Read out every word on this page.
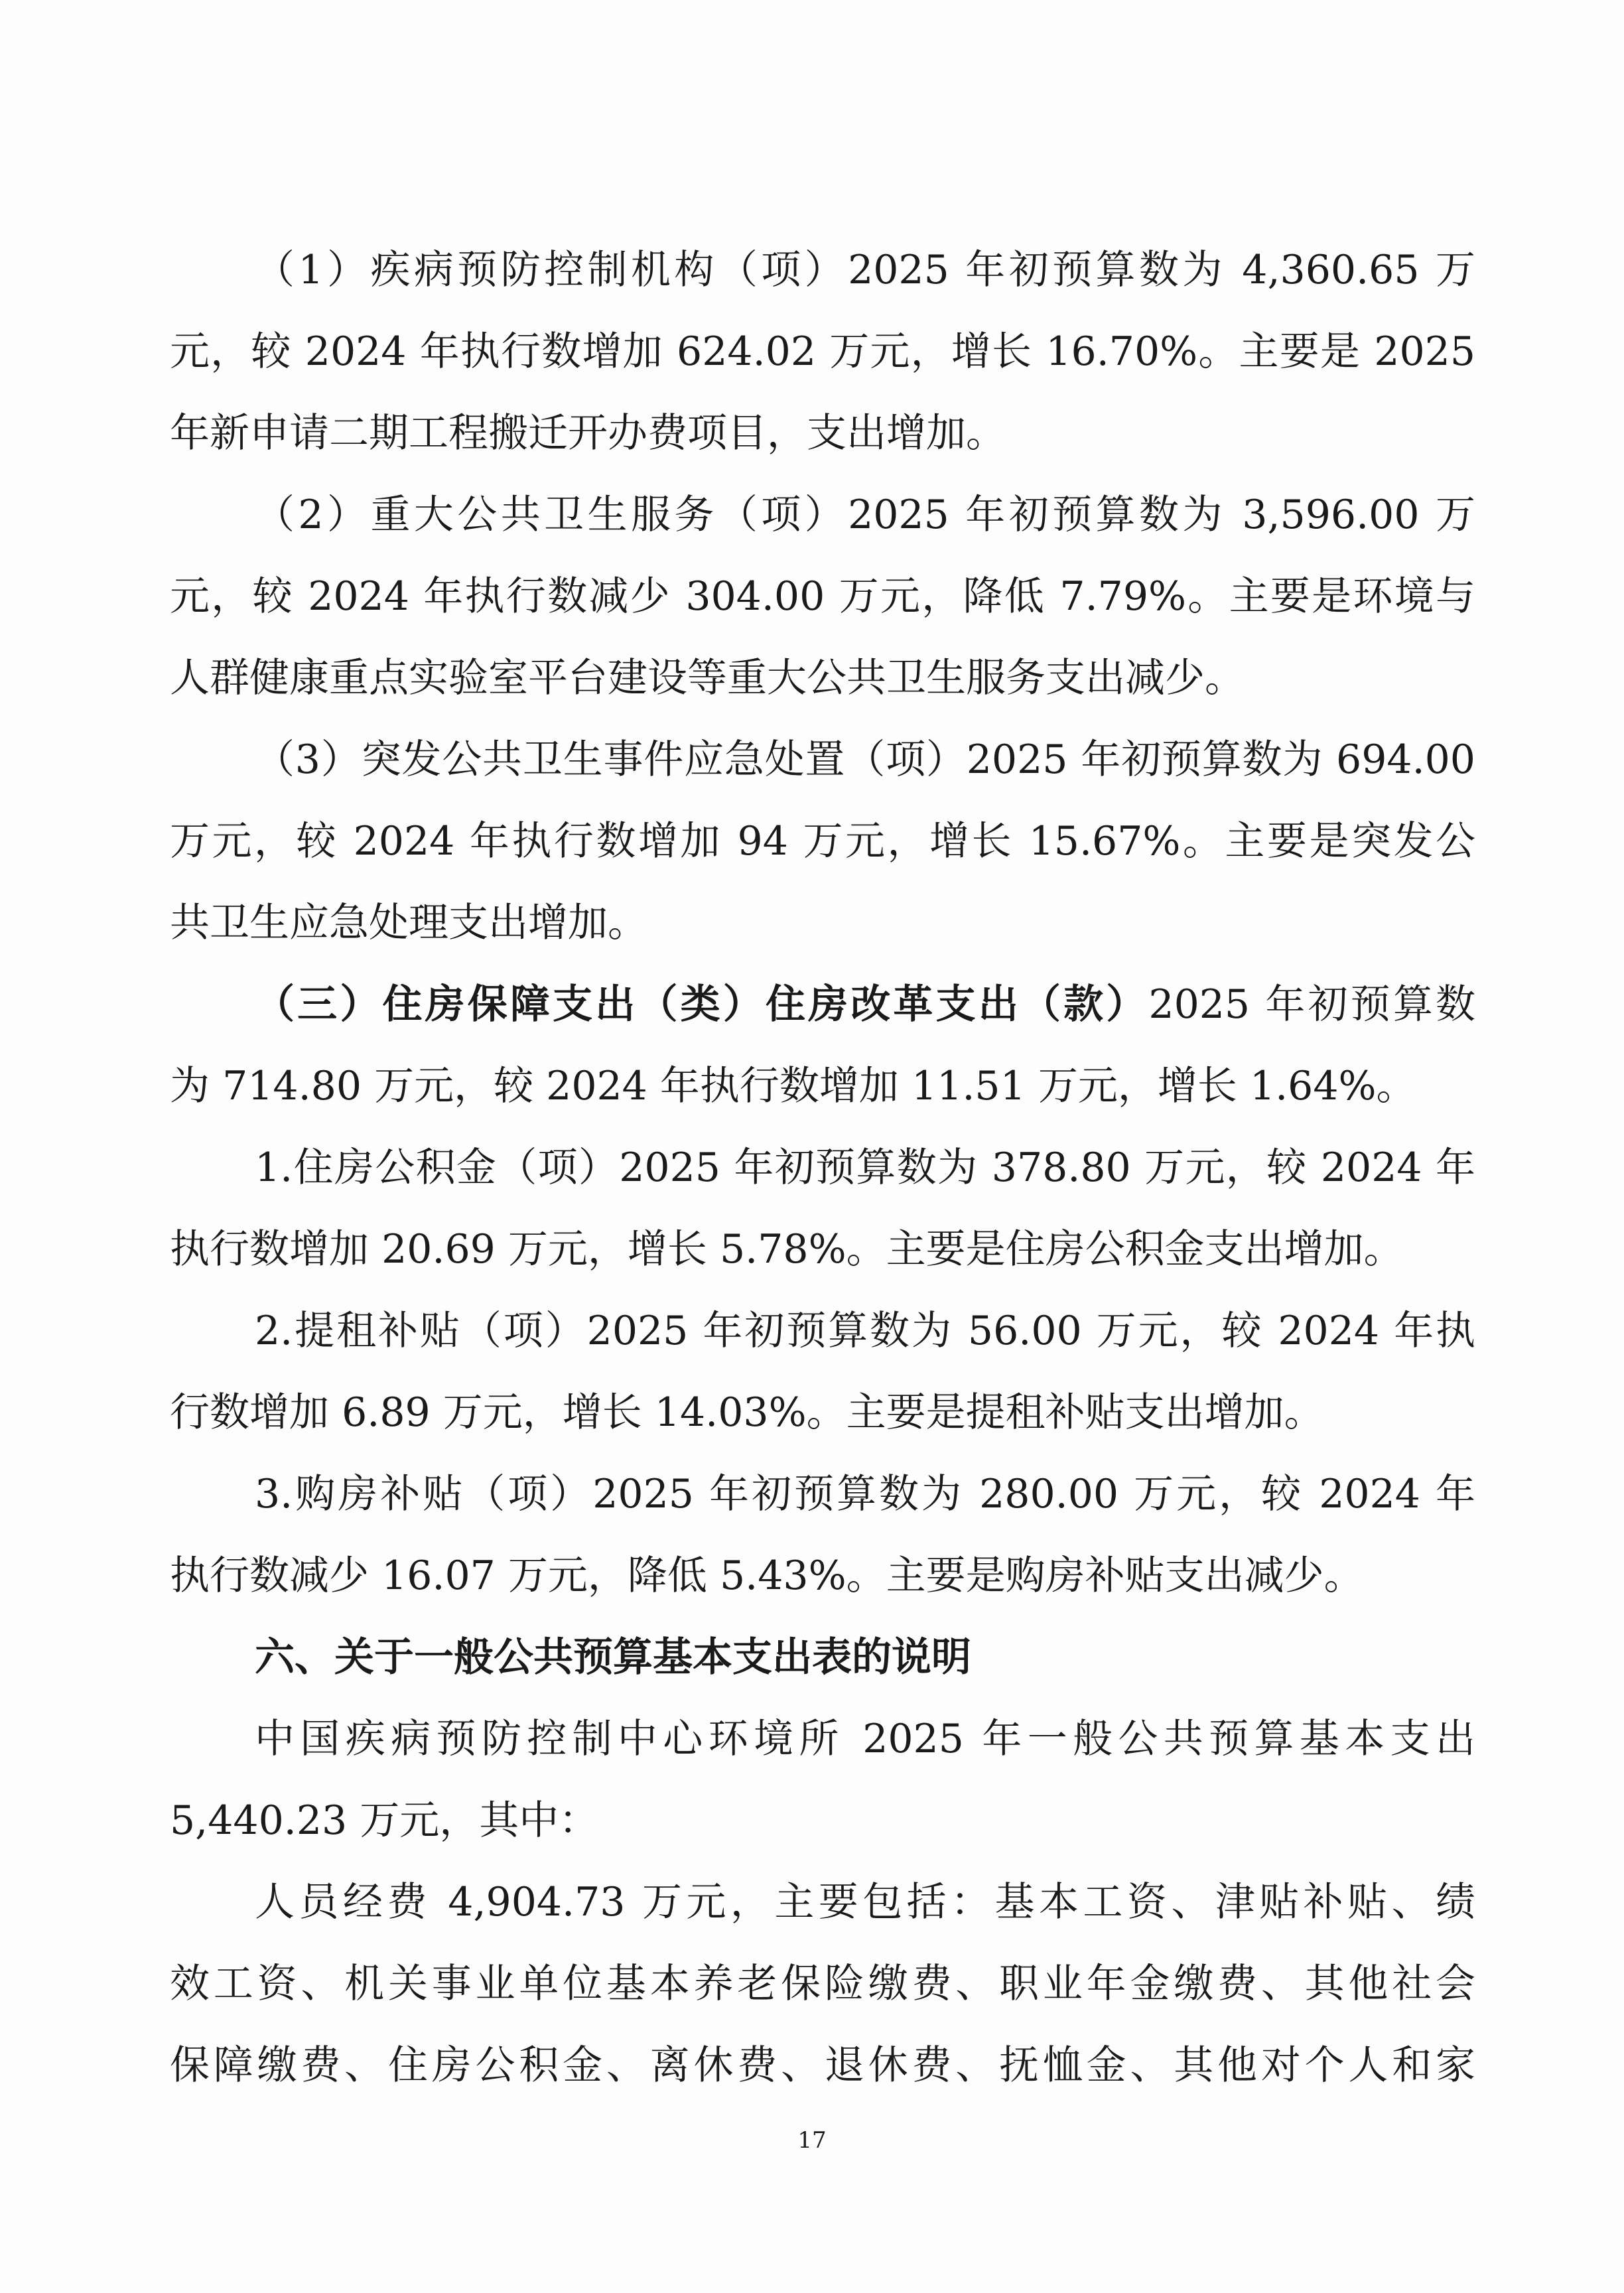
（1）疾病预防控制机构（项）2025 年初预算数为 4,360.65 万
元，较 2024 年执行数增加 624.02 万元，增长 16.70%。主要是 2025
年新申请二期工程搬迁开办费项目，支出增加。
（2）重大公共卫生服务（项）2025 年初预算数为 3,596.00 万
元，较 2024 年执行数减少 304.00 万元，降低 7.79%。主要是环境与
人群健康重点实验室平台建设等重大公共卫生服务支出减少。
（3）突发公共卫生事件应急处置（项）2025 年初预算数为 694.00
万元，较 2024 年执行数增加 94 万元，增长 15.67%。主要是突发公
共卫生应急处理支出增加。
（三）住房保障支出（类）住房改革支出（款）2025 年初预算数
为 714.80 万元，较 2024 年执行数增加 11.51 万元，增长 1.64%。
1.住房公积金（项）2025 年初预算数为 378.80 万元，较 2024 年
执行数增加 20.69 万元，增长 5.78%。主要是住房公积金支出增加。
2.提租补贴（项）2025 年初预算数为 56.00 万元，较 2024 年执
行数增加 6.89 万元，增长 14.03%。主要是提租补贴支出增加。
3.购房补贴（项）2025 年初预算数为 280.00 万元，较 2024 年
执行数减少 16.07 万元，降低 5.43%。主要是购房补贴支出减少。
六、关于一般公共预算基本支出表的说明
中国疾病预防控制中心环境所 2025 年一般公共预算基本支出
5,440.23 万元，其中：
人员经费 4,904.73 万元，主要包括：基本工资、津贴补贴、绩
效工资、机关事业单位基本养老保险缴费、职业年金缴费、其他社会
保障缴费、住房公积金、离休费、退休费、抚恤金、其他对个人和家
17
